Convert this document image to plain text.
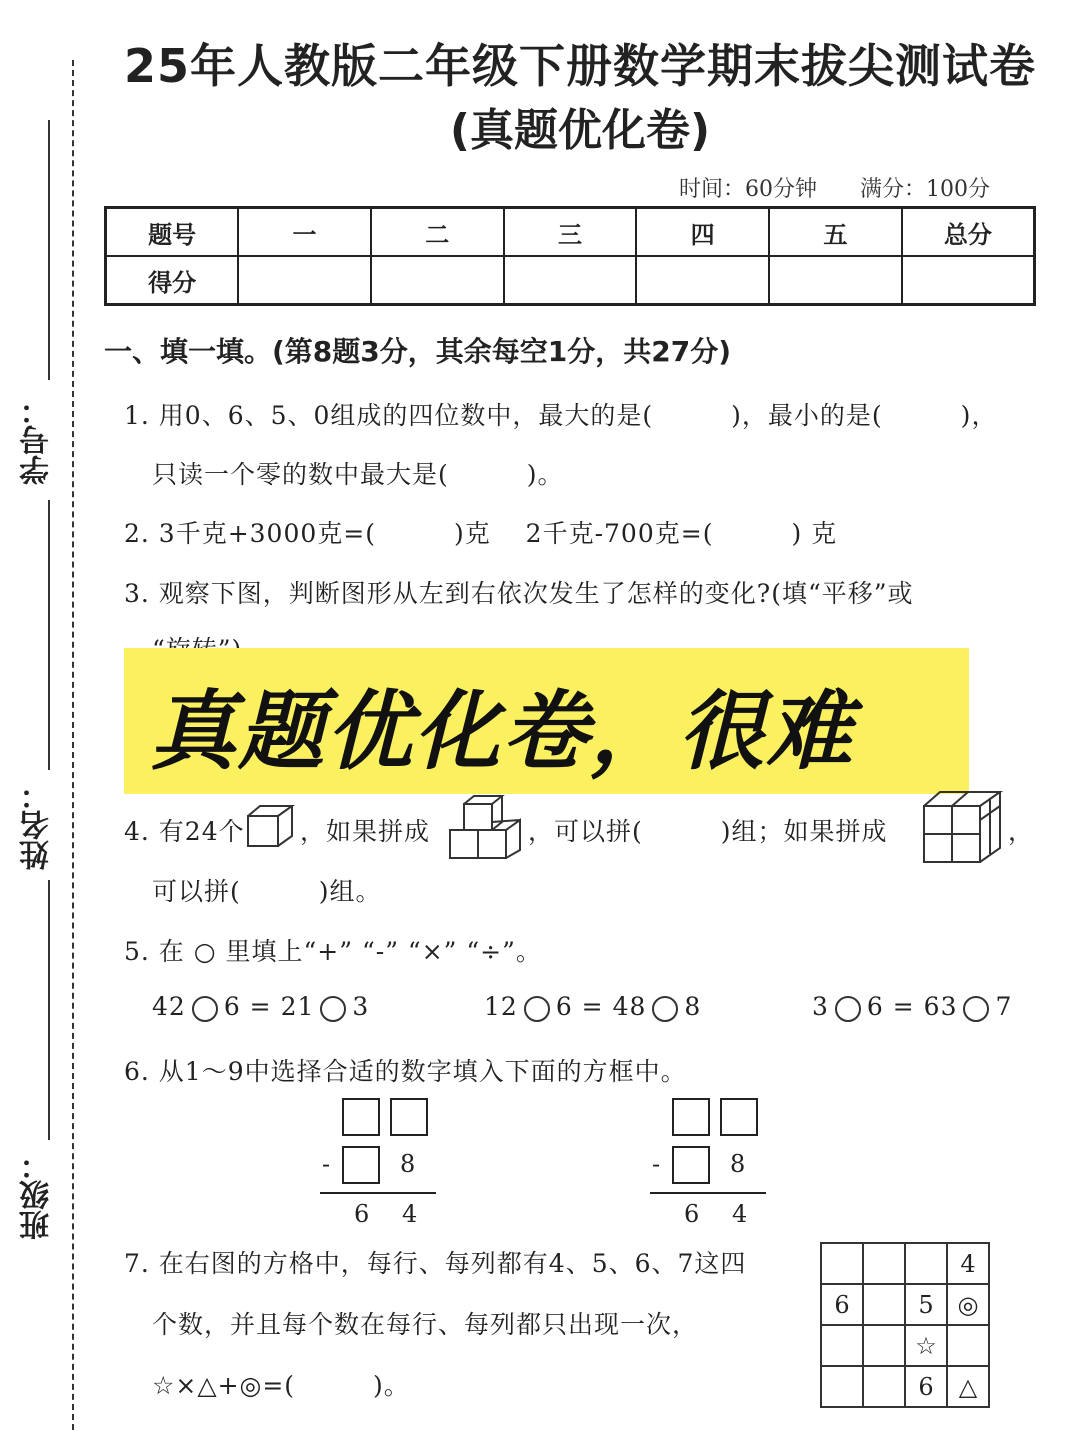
学号：
姓名：
班级：
25年人教版二年级下册数学期末拔尖测试卷
(真题优化卷)
时间：60分钟 满分：100分
题号	一	二	三	四	五	总分
得分						
一、填一填。(第8题3分，其余每空1分，共27分)
1. 用0、6、5、0组成的四位数中，最大的是(　　　)，最小的是(　　　)，
只读一个零的数中最大是(　　　)。
2. 3千克+3000克=(　　　)克　 2千克-700克=(　　　) 克
3. 观察下图，判断图形从左到右依次发生了怎样的变化?(填“平移”或
真题优化卷，很难
4. 有24个 ，如果拼成	，可以拼(　　　)组；如果拼成	，
可以拼(　　　)组。
5. 在 ○ 里填上“+” “-” “×” “÷”。
42 6 = 21 3	12 6 = 48 8	3 6 = 63 7
6. 从1～9中选择合适的数字填入下面的方框中。
-	8
6 4
-	8
6 4
7. 在右图的方格中，每行、每列都有4、5、6、7这四
个数，并且每个数在每行、每列都只出现一次，
☆×△+◎=(　　　)。
			4
6		5	◎
		☆	
		6	△
